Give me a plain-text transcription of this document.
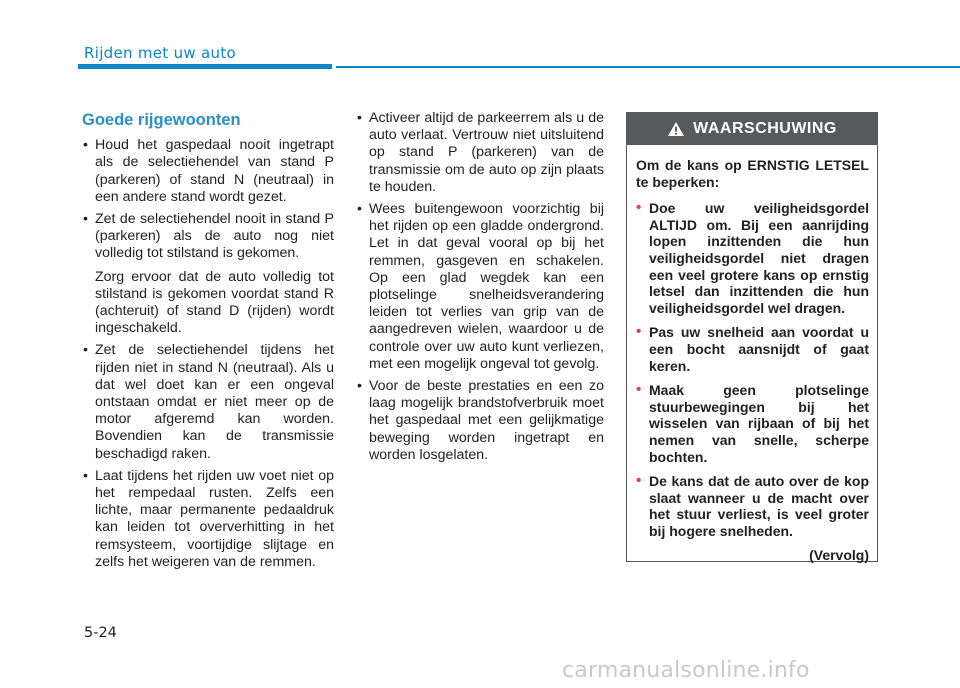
Rijden met uw auto
Goede rijgewoonten
• Houd het gaspedaal nooit ingetrapt als de selectiehendel van stand P (parkeren) of stand N (neutraal) in een andere stand wordt gezet.
• Zet de selectiehendel nooit in stand P (parkeren) als de auto nog niet volledig tot stilstand is gekomen.
Zorg ervoor dat de auto volledig tot stilstand is gekomen voordat stand R (achteruit) of stand D (rijden) wordt ingeschakeld.
• Zet de selectiehendel tijdens het rijden niet in stand N (neutraal). Als u dat wel doet kan er een ongeval ontstaan omdat er niet meer op de motor afgeremd kan worden. Bovendien kan de transmissie beschadigd raken.
• Laat tijdens het rijden uw voet niet op het rempedaal rusten. Zelfs een lichte, maar permanente pedaaldruk kan leiden tot oververhitting in het remsysteem, voortijdige slijtage en zelfs het weigeren van de remmen.
• Activeer altijd de parkeerrem als u de auto verlaat. Vertrouw niet uitsluitend op stand P (parkeren) van de transmissie om de auto op zijn plaats te houden.
• Wees buitengewoon voorzichtig bij het rijden op een gladde ondergrond. Let in dat geval vooral op bij het remmen, gasgeven en schakelen. Op een glad wegdek kan een plotselinge snelheidsverandering leiden tot verlies van grip van de aangedreven wielen, waardoor u de controle over uw auto kunt verliezen, met een mogelijk ongeval tot gevolg.
• Voor de beste prestaties en een zo laag mogelijk brandstofverbruik moet het gaspedaal met een gelijkmatige beweging worden ingetrapt en worden losgelaten.
WAARSCHUWING
Om de kans op ERNSTIG LETSEL te beperken:
• Doe uw veiligheidsgordel ALTIJD om. Bij een aanrijding lopen inzittenden die hun veiligheidsgordel niet dragen een veel grotere kans op ernstig letsel dan inzittenden die hun veiligheidsgordel wel dragen.
• Pas uw snelheid aan voordat u een bocht aansnijdt of gaat keren.
• Maak geen plotselinge stuurbewegingen bij het wisselen van rijbaan of bij het nemen van snelle, scherpe bochten.
• De kans dat de auto over de kop slaat wanneer u de macht over het stuur verliest, is veel groter bij hogere snelheden.
(Vervolg)
5-24
carmanualsonline.info
